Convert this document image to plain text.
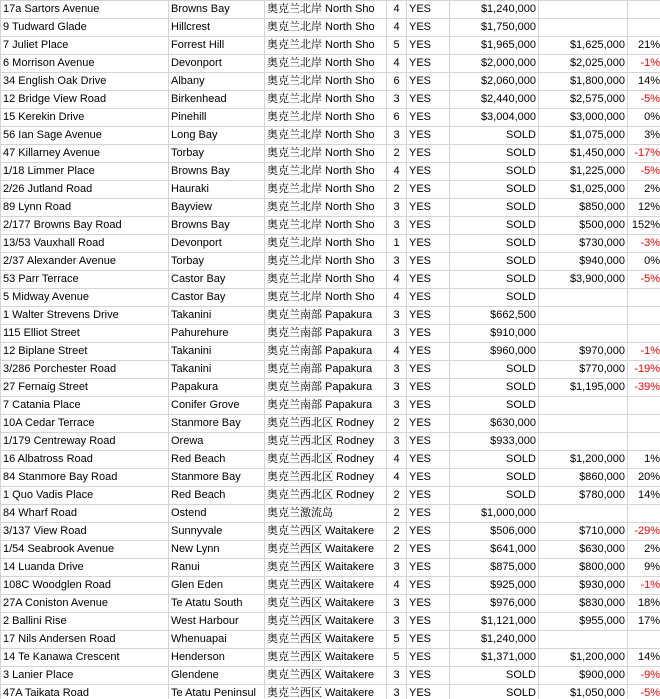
17a Sartors Avenue	Browns Bay	奥克兰北岸 North Sho	4	YES	$1,240,000		
9 Tudward Glade	Hillcrest	奥克兰北岸 North Sho	4	YES	$1,750,000		
7 Juliet Place	Forrest Hill	奥克兰北岸 North Sho	5	YES	$1,965,000	$1,625,000	21%
6 Morrison Avenue	Devonport	奥克兰北岸 North Sho	4	YES	$2,000,000	$2,025,000	-1%
34 English Oak Drive	Albany	奥克兰北岸 North Sho	6	YES	$2,060,000	$1,800,000	14%
12 Bridge View Road	Birkenhead	奥克兰北岸 North Sho	3	YES	$2,440,000	$2,575,000	-5%
15 Kerekin Drive	Pinehill	奥克兰北岸 North Sho	6	YES	$3,004,000	$3,000,000	0%
56 Ian Sage Avenue	Long Bay	奥克兰北岸 North Sho	3	YES	SOLD	$1,075,000	3%
47 Killarney Avenue	Torbay	奥克兰北岸 North Sho	2	YES	SOLD	$1,450,000	-17%
1/18 Limmer Place	Browns Bay	奥克兰北岸 North Sho	4	YES	SOLD	$1,225,000	-5%
2/26 Jutland Road	Hauraki	奥克兰北岸 North Sho	2	YES	SOLD	$1,025,000	2%
89 Lynn Road	Bayview	奥克兰北岸 North Sho	3	YES	SOLD	$850,000	12%
2/177 Browns Bay Road	Browns Bay	奥克兰北岸 North Sho	3	YES	SOLD	$500,000	152%
13/53 Vauxhall Road	Devonport	奥克兰北岸 North Sho	1	YES	SOLD	$730,000	-3%
2/37 Alexander Avenue	Torbay	奥克兰北岸 North Sho	3	YES	SOLD	$940,000	0%
53 Parr Terrace	Castor Bay	奥克兰北岸 North Sho	4	YES	SOLD	$3,900,000	-5%
5 Midway Avenue	Castor Bay	奥克兰北岸 North Sho	4	YES	SOLD		
1 Walter Strevens Drive	Takanini	奥克兰南部 Papakura	3	YES	$662,500		
115 Elliot Street	Pahurehure	奥克兰南部 Papakura	3	YES	$910,000		
12 Biplane Street	Takanini	奥克兰南部 Papakura	4	YES	$960,000	$970,000	-1%
3/286 Porchester Road	Takanini	奥克兰南部 Papakura	3	YES	SOLD	$770,000	-19%
27 Fernaig Street	Papakura	奥克兰南部 Papakura	3	YES	SOLD	$1,195,000	-39%
7 Catania Place	Conifer Grove	奥克兰南部 Papakura	3	YES	SOLD		
10A Cedar Terrace	Stanmore Bay	奥克兰西北区 Rodney	2	YES	$630,000		
1/179 Centreway Road	Orewa	奥克兰西北区 Rodney	3	YES	$933,000		
16 Albatross Road	Red Beach	奥克兰西北区 Rodney	4	YES	SOLD	$1,200,000	1%
84 Stanmore Bay Road	Stanmore Bay	奥克兰西北区 Rodney	4	YES	SOLD	$860,000	20%
1 Quo Vadis Place	Red Beach	奥克兰西北区 Rodney	2	YES	SOLD	$780,000	14%
84 Wharf Road	Ostend	奥克兰激流岛	2	YES	$1,000,000		
3/137 View Road	Sunnyvale	奥克兰西区 Waitakere	2	YES	$506,000	$710,000	-29%
1/54 Seabrook Avenue	New Lynn	奥克兰西区 Waitakere	2	YES	$641,000	$630,000	2%
14 Luanda Drive	Ranui	奥克兰西区 Waitakere	3	YES	$875,000	$800,000	9%
108C Woodglen Road	Glen Eden	奥克兰西区 Waitakere	4	YES	$925,000	$930,000	-1%
27A Coniston Avenue	Te Atatu South	奥克兰西区 Waitakere	3	YES	$976,000	$830,000	18%
2 Ballini Rise	West Harbour	奥克兰西区 Waitakere	3	YES	$1,121,000	$955,000	17%
17 Nils Andersen Road	Whenuapai	奥克兰西区 Waitakere	5	YES	$1,240,000		
14 Te Kanawa Crescent	Henderson	奥克兰西区 Waitakere	5	YES	$1,371,000	$1,200,000	14%
3 Lanier Place	Glendene	奥克兰西区 Waitakere	3	YES	SOLD	$900,000	-9%
47A Taikata Road	Te Atatu Peninsul	奥克兰西区 Waitakere	3	YES	SOLD	$1,050,000	-5%
